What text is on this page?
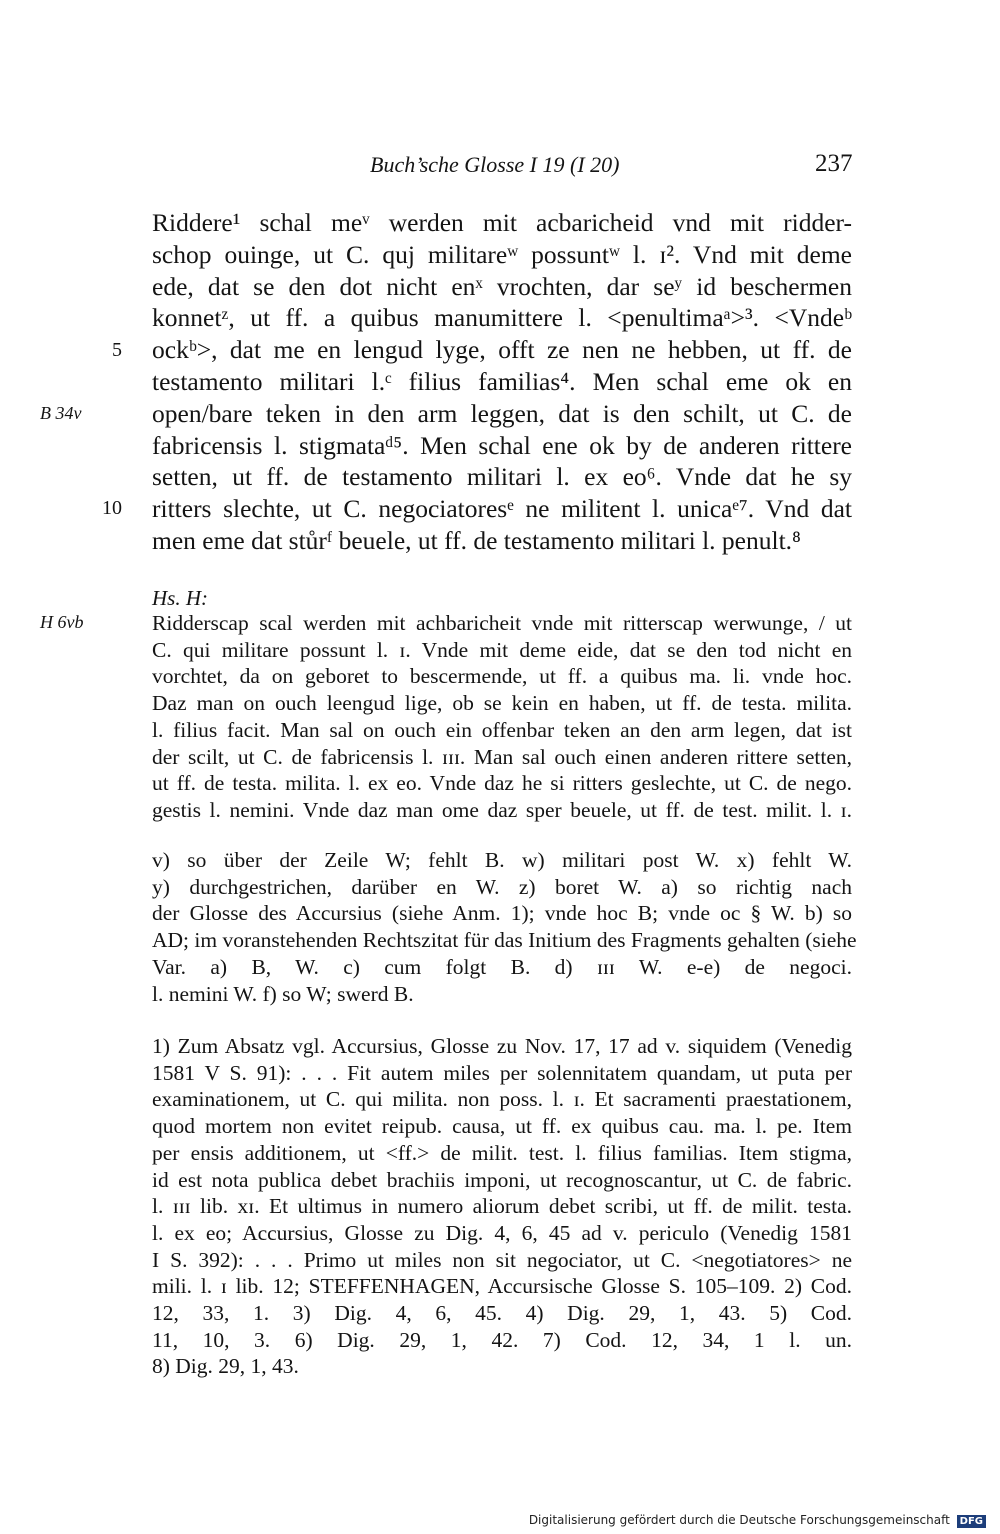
Buch’sche Glosse I 19 (I 20)	237
Riddere¹ schal meᵛ werden mit acbaricheid vnd mit ridder-
schop ouinge, ut C. quj militareʷ possuntʷ l. ɪ². Vnd mit deme
ede, dat se den dot nicht enˣ vrochten, dar seʸ id beschermen
konnetᶻ, ut ff. a quibus manumittere l. <penultimaᵃ>³. <Vndeᵇ
ockᵇ>, dat me en lengud lyge, offt ze nen ne hebben, ut ff. de
testamento militari l.ᶜ filius familias⁴. Men schal eme ok en
open/bare teken in den arm leggen, dat is den schilt, ut C. de
fabricensis l. stigmataᵈ⁵. Men schal ene ok by de anderen rittere
setten, ut ff. de testamento militari l. ex eo⁶. Vnde dat he sy
ritters slechte, ut C. negociatoresᵉ ne militent l. unicaᵉ⁷. Vnd dat
men eme dat stůrᶠ beuele, ut ff. de testamento militari l. penult.⁸
5
10
B 34v
Hs. H:
H 6vb	Ridderscap scal werden mit achbaricheit vnde mit ritterscap werwunge, / ut
C. qui militare possunt l. ɪ. Vnde mit deme eide, dat se den tod nicht en
vorchtet, da on geboret to bescermende, ut ff. a quibus ma. li. vnde hoc.
Daz man on ouch leengud lige, ob se kein en haben, ut ff. de testa. milita.
l. filius facit. Man sal on ouch ein offenbar teken an den arm legen, dat ist
der scilt, ut C. de fabricensis l. ɪɪɪ. Man sal ouch einen anderen rittere setten,
ut ff. de testa. milita. l. ex eo. Vnde daz he si ritters geslechte, ut C. de nego.
gestis l. nemini. Vnde daz man ome daz sper beuele, ut ff. de test. milit. l. ɪ.
v) so über der Zeile W; fehlt B. w) militari post W. x) fehlt W.
y) durchgestrichen, darüber en W. z) boret W. a) so richtig nach
der Glosse des Accursius (siehe Anm. 1); vnde hoc B; vnde oc § W. b) so
AD; im voranstehenden Rechtszitat für das Initium des Fragments gehalten (siehe
Var. a) B, W. c) cum folgt B. d) ɪɪɪ W. e-e) de negoci.
l. nemini W. f) so W; swerd B.
1) Zum Absatz vgl. Accursius, Glosse zu Nov. 17, 17 ad v. siquidem (Venedig
1581 V S. 91): . . . Fit autem miles per solennitatem quandam, ut puta per
examinationem, ut C. qui milita. non poss. l. ɪ. Et sacramenti praestationem,
quod mortem non evitet reipub. causa, ut ff. ex quibus cau. ma. l. pe. Item
per ensis additionem, ut <ff.> de milit. test. l. filius familias. Item stigma,
id est nota publica debet brachiis imponi, ut recognoscantur, ut C. de fabric.
l. ɪɪɪ lib. xɪ. Et ultimus in numero aliorum debet scribi, ut ff. de milit. testa.
l. ex eo; Accursius, Glosse zu Dig. 4, 6, 45 ad v. periculo (Venedig 1581
I S. 392): . . . Primo ut miles non sit negociator, ut C. <negotiatores> ne
mili. l. ɪ lib. 12; STEFFENHAGEN, Accursische Glosse S. 105–109. 2) Cod.
12, 33, 1. 3) Dig. 4, 6, 45. 4) Dig. 29, 1, 43. 5) Cod.
11, 10, 3. 6) Dig. 29, 1, 42. 7) Cod. 12, 34, 1 l. un.
8) Dig. 29, 1, 43.
Digitalisierung gefördert durch die Deutsche Forschungsgemeinschaft DFG
